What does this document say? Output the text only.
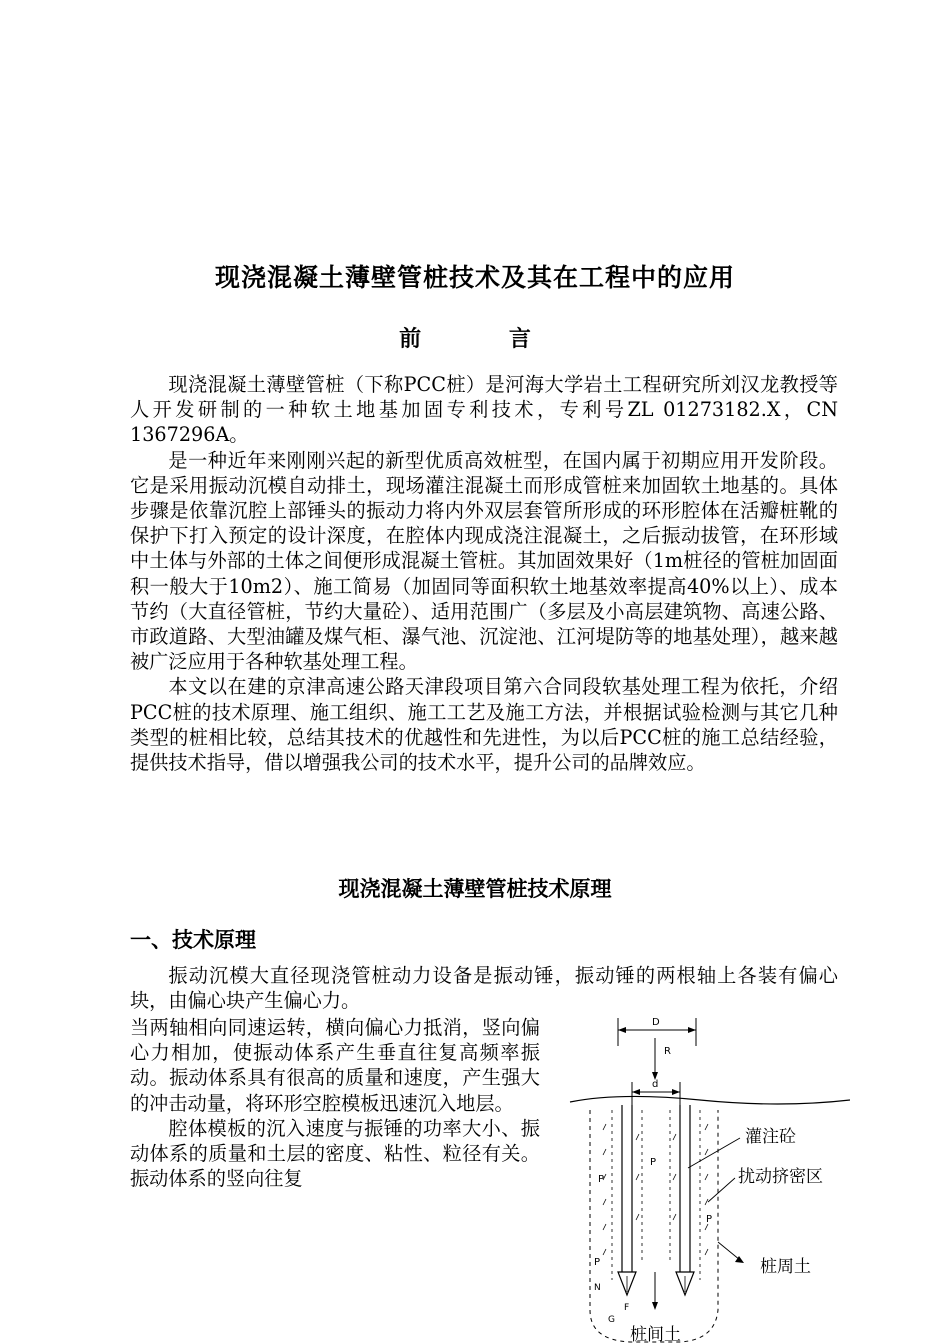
现浇混凝土薄壁管桩技术及其在工程中的应用
前 言

现浇混凝土薄壁管桩（下称PCC桩）是河海大学岩土工程研究所刘汉龙教授等人开发研制的一种软土地基加固专利技术，专利号ZL 01273182.X，CN 1367296A。

是一种近年来刚刚兴起的新型优质高效桩型，在国内属于初期应用开发阶段。它是采用振动沉模自动排土，现场灌注混凝土而形成管桩来加固软土地基的。具体步骤是依靠沉腔上部锤头的振动力将内外双层套管所形成的环形腔体在活瓣桩靴的保护下打入预定的设计深度，在腔体内现成浇注混凝土，之后振动拔管，在环形域中土体与外部的土体之间便形成混凝土管桩。其加固效果好（1m桩径的管桩加固面积一般大于10m2）、施工简易（加固同等面积软土地基效率提高40%以上）、成本节约（大直径管桩，节约大量砼）、适用范围广（多层及小高层建筑物、高速公路、市政道路、大型油罐及煤气柜、瀑气池、沉淀池、江河堤防等的地基处理），越来越被广泛应用于各种软基处理工程。

本文以在建的京津高速公路天津段项目第六合同段软基处理工程为依托，介绍PCC桩的技术原理、施工组织、施工工艺及施工方法，并根据试验检测与其它几种类型的桩相比较，总结其技术的优越性和先进性，为以后PCC桩的施工总结经验，提供技术指导，借以增强我公司的技术水平，提升公司的品牌效应。

现浇混凝土薄壁管桩技术原理
一、技术原理

振动沉模大直径现浇管桩动力设备是振动锤，振动锤的两根轴上各装有偏心块，由偏心块产生偏心力。

当两轴相向同速运转，横向偏心力抵消，竖向偏心力相加，使振动体系产生垂直往复高频率振动。振动体系具有很高的质量和速度，产生强大的冲击动量，将环形空腔模板迅速沉入地层。

腔体模板的沉入速度与振锤的功率大小、振动体系的质量和土层的密度、粘性、粒径有关。振动体系的竖向往复

D
R
d
P
P
P
P
N
F
G
灌注砼
扰动挤密区
桩周土
桩间土
